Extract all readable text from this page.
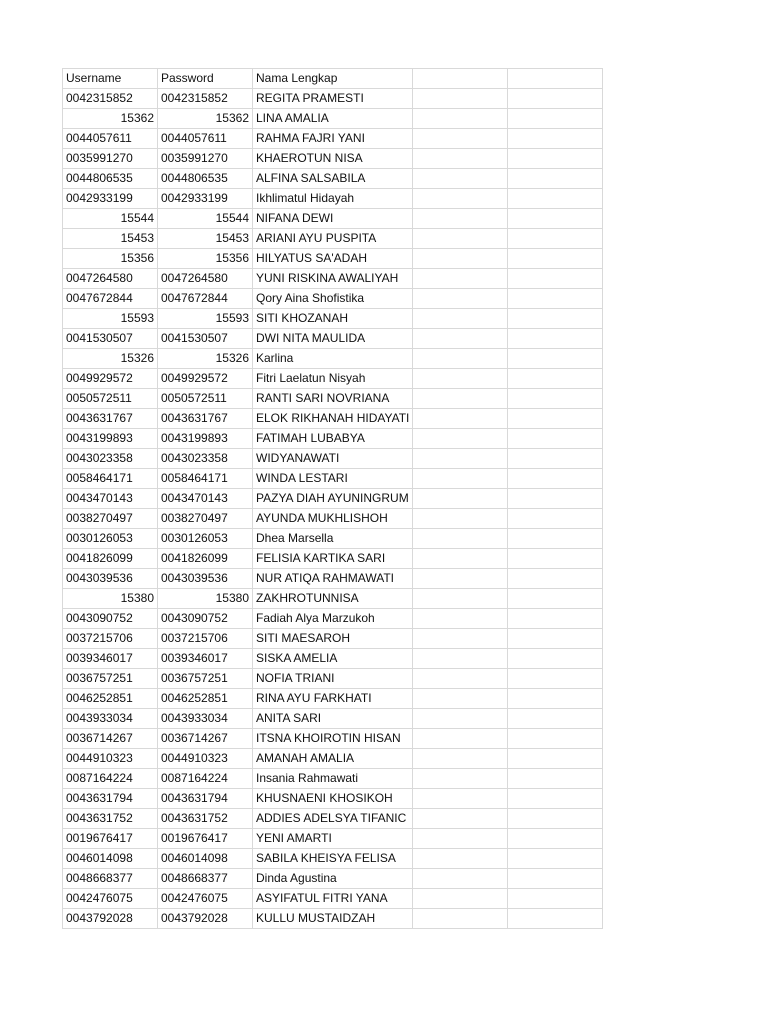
Username	Password	Nama Lengkap		
0042315852	0042315852	REGITA PRAMESTI		
15362	15362	LINA AMALIA		
0044057611	0044057611	RAHMA FAJRI YANI		
0035991270	0035991270	KHAEROTUN NISA		
0044806535	0044806535	ALFINA SALSABILA		
0042933199	0042933199	Ikhlimatul Hidayah		
15544	15544	NIFANA DEWI		
15453	15453	ARIANI AYU PUSPITA		
15356	15356	HILYATUS SA'ADAH		
0047264580	0047264580	YUNI RISKINA AWALIYAH		
0047672844	0047672844	Qory Aina Shofistika		
15593	15593	SITI KHOZANAH		
0041530507	0041530507	DWI NITA MAULIDA		
15326	15326	Karlina		
0049929572	0049929572	Fitri Laelatun Nisyah		
0050572511	0050572511	RANTI SARI NOVRIANA		
0043631767	0043631767	ELOK RIKHANAH HIDAYATI		
0043199893	0043199893	FATIMAH LUBABYA		
0043023358	0043023358	WIDYANAWATI		
0058464171	0058464171	WINDA LESTARI		
0043470143	0043470143	PAZYA DIAH AYUNINGRUM		
0038270497	0038270497	AYUNDA MUKHLISHOH		
0030126053	0030126053	Dhea Marsella		
0041826099	0041826099	FELISIA KARTIKA SARI		
0043039536	0043039536	NUR ATIQA RAHMAWATI		
15380	15380	ZAKHROTUNNISA		
0043090752	0043090752	Fadiah Alya Marzukoh		
0037215706	0037215706	SITI MAESAROH		
0039346017	0039346017	SISKA AMELIA		
0036757251	0036757251	NOFIA TRIANI		
0046252851	0046252851	RINA AYU FARKHATI		
0043933034	0043933034	ANITA SARI		
0036714267	0036714267	ITSNA KHOIROTIN HISAN		
0044910323	0044910323	AMANAH AMALIA		
0087164224	0087164224	Insania Rahmawati		
0043631794	0043631794	KHUSNAENI KHOSIKOH		
0043631752	0043631752	ADDIES ADELSYA TIFANIC		
0019676417	0019676417	YENI AMARTI		
0046014098	0046014098	SABILA KHEISYA FELISA		
0048668377	0048668377	Dinda Agustina		
0042476075	0042476075	ASYIFATUL FITRI YANA		
0043792028	0043792028	KULLU MUSTAIDZAH		
